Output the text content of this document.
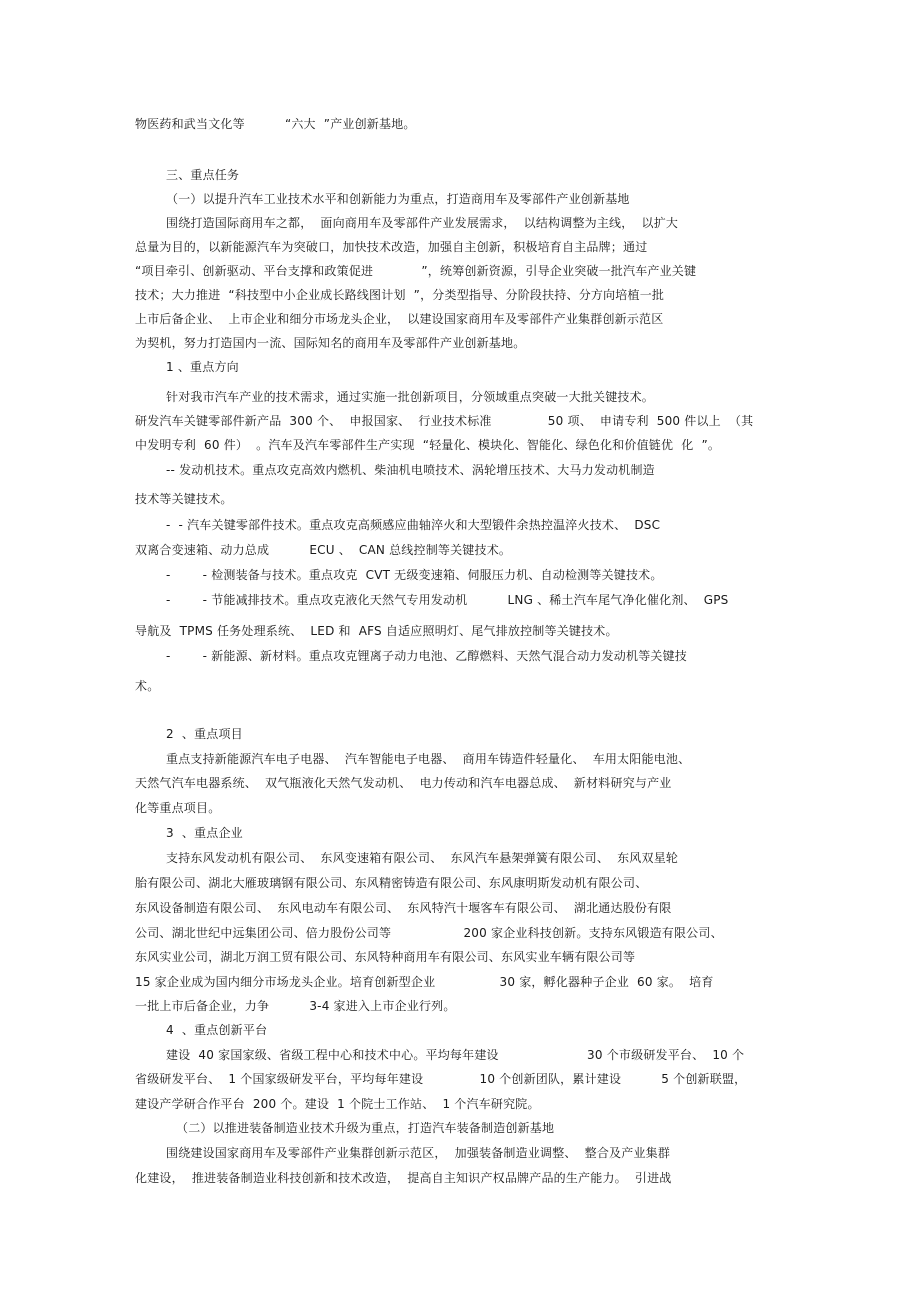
物医药和武当文化等          “六大  ”产业创新基地。
三、重点任务
（一）以提升汽车工业技术水平和创新能力为重点，打造商用车及零部件产业创新基地
围绕打造国际商用车之都，  面向商用车及零部件产业发展需求，  以结构调整为主线，  以扩大
总量为目的，以新能源汽车为突破口，加快技术改造，加强自主创新，积极培育自主品牌；通过
“项目牵引、创新驱动、平台支撑和政策促进            ”，统筹创新资源，引导企业突破一批汽车产业关键
技术；大力推进  “科技型中小企业成长路线图计划  ”，分类型指导、分阶段扶持、分方向培植一批
上市后备企业、  上市企业和细分市场龙头企业，  以建设国家商用车及零部件产业集群创新示范区
为契机，努力打造国内一流、国际知名的商用车及零部件产业创新基地。
1 、重点方向
针对我市汽车产业的技术需求，通过实施一批创新项目，分领域重点突破一大批关键技术。
研发汽车关键零部件新产品  300 个、  申报国家、  行业技术标准              50 项、  申请专利  500 件以上  （其
中发明专利  60 件）  。汽车及汽车零部件生产实现  “轻量化、模块化、智能化、绿色化和价值链优  化  ”。
-- 发动机技术。重点攻克高效内燃机、柴油机电喷技术、涡轮增压技术、大马力发动机制造
技术等关键技术。
-  - 汽车关键零部件技术。重点攻克高频感应曲轴淬火和大型锻件余热控温淬火技术、  DSC
双离合变速箱、动力总成          ECU 、  CAN 总线控制等关键技术。
-        - 检测装备与技术。重点攻克  CVT 无级变速箱、伺服压力机、自动检测等关键技术。
-        - 节能减排技术。重点攻克液化天然气专用发动机          LNG 、稀土汽车尾气净化催化剂、  GPS
导航及  TPMS 任务处理系统、  LED 和  AFS 自适应照明灯、尾气排放控制等关键技术。
-        - 新能源、新材料。重点攻克锂离子动力电池、乙醇燃料、天然气混合动力发动机等关键技
术。
2  、重点项目
重点支持新能源汽车电子电器、  汽车智能电子电器、  商用车铸造件轻量化、  车用太阳能电池、
天然气汽车电器系统、  双气瓶液化天然气发动机、  电力传动和汽车电器总成、  新材料研究与产业
化等重点项目。
3  、重点企业
支持东风发动机有限公司、  东风变速箱有限公司、  东风汽车悬架弹簧有限公司、  东风双星轮
胎有限公司、湖北大雁玻璃钢有限公司、东风精密铸造有限公司、东风康明斯发动机有限公司、
东风设备制造有限公司、  东风电动车有限公司、  东风特汽十堰客车有限公司、  湖北通达股份有限
公司、湖北世纪中远集团公司、倍力股份公司等                  200 家企业科技创新。支持东风锻造有限公司、
东风实业公司，湖北万润工贸有限公司、东风特种商用车有限公司、东风实业车辆有限公司等
15 家企业成为国内细分市场龙头企业。培育创新型企业                30 家，孵化器种子企业  60 家。  培育
一批上市后备企业，力争          3-4 家进入上市企业行列。
4  、重点创新平台
建设  40 家国家级、省级工程中心和技术中心。平均每年建设                      30 个市级研发平台、  10 个
省级研发平台、  1 个国家级研发平台，平均每年建设              10 个创新团队，累计建设          5 个创新联盟，
建设产学研合作平台  200 个。建设  1 个院士工作站、  1 个汽车研究院。
（二）以推进装备制造业技术升级为重点，打造汽车装备制造创新基地
围绕建设国家商用车及零部件产业集群创新示范区，  加强装备制造业调整、  整合及产业集群
化建设，  推进装备制造业科技创新和技术改造，  提高自主知识产权品牌产品的生产能力。  引进战
